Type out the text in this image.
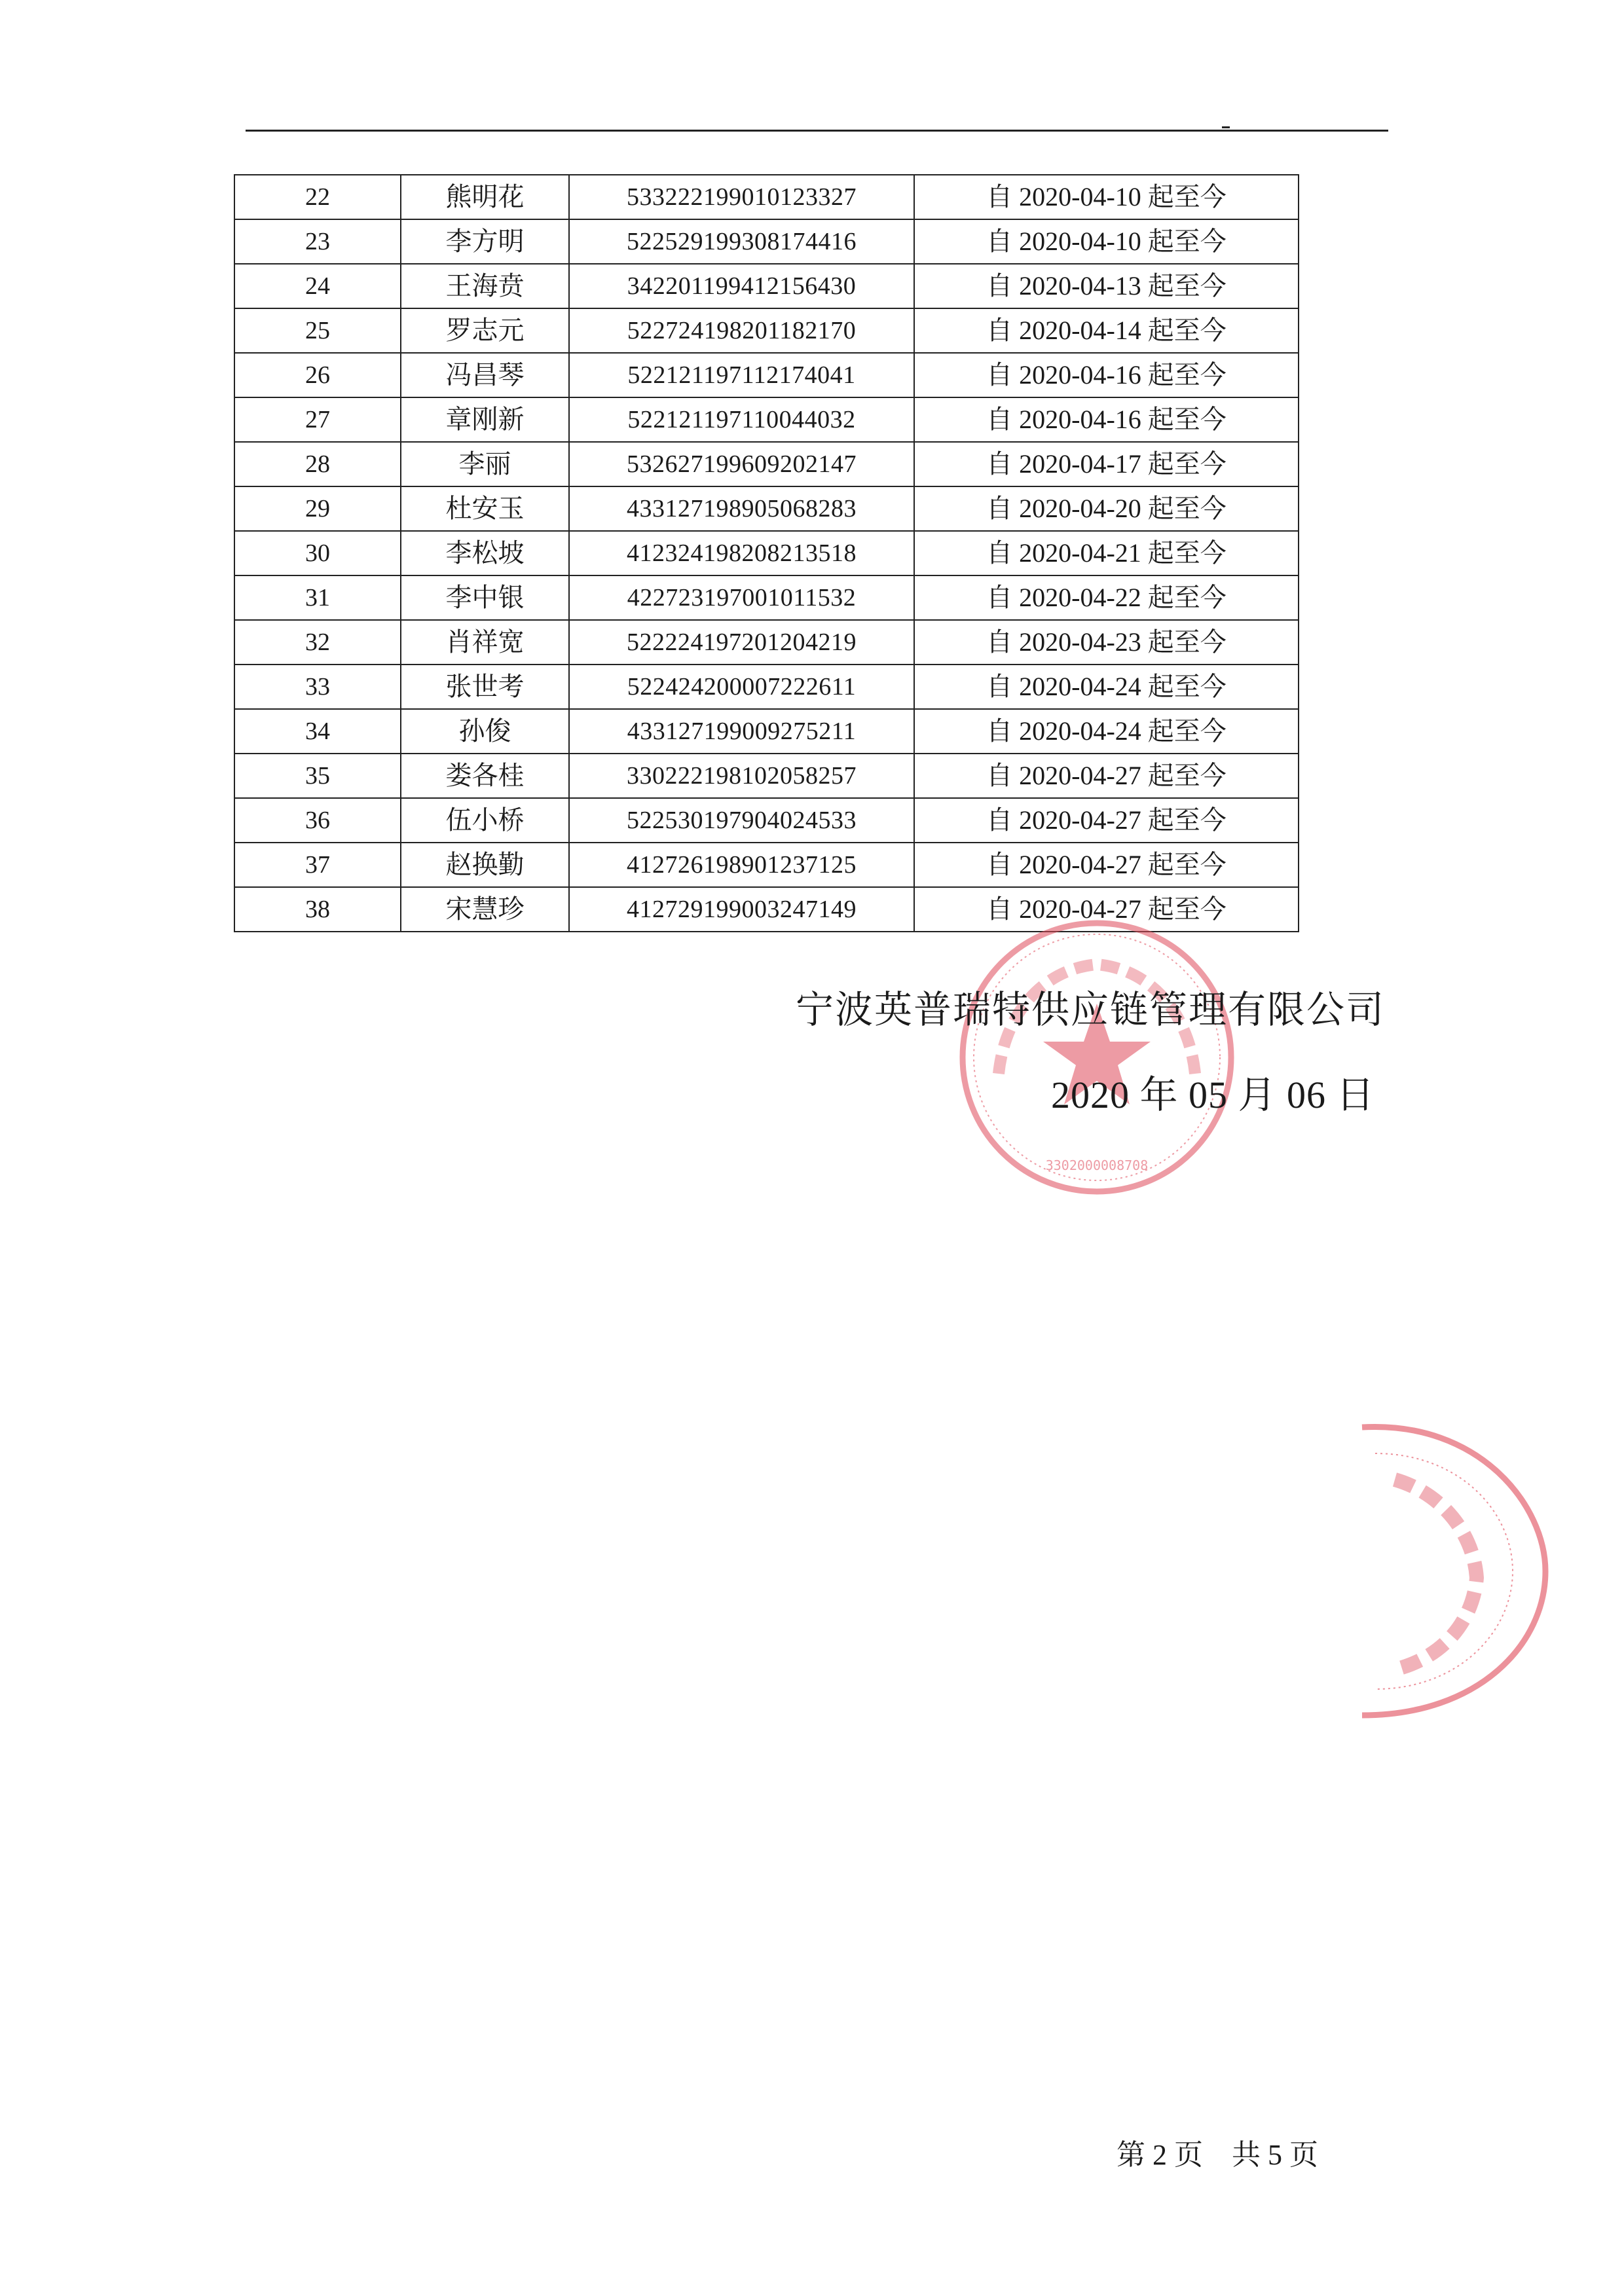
22	熊明花	533222199010123327	自 2020-04-10 起至今
23	李方明	522529199308174416	自 2020-04-10 起至今
24	王海贲	342201199412156430	自 2020-04-13 起至今
25	罗志元	522724198201182170	自 2020-04-14 起至今
26	冯昌琴	522121197112174041	自 2020-04-16 起至今
27	章刚新	522121197110044032	自 2020-04-16 起至今
28	李丽	532627199609202147	自 2020-04-17 起至今
29	杜安玉	433127198905068283	自 2020-04-20 起至今
30	李松坡	412324198208213518	自 2020-04-21 起至今
31	李中银	422723197001011532	自 2020-04-22 起至今
32	肖祥宽	522224197201204219	自 2020-04-23 起至今
33	张世考	522424200007222611	自 2020-04-24 起至今
34	孙俊	433127199009275211	自 2020-04-24 起至今
35	娄各桂	330222198102058257	自 2020-04-27 起至今
36	伍小桥	522530197904024533	自 2020-04-27 起至今
37	赵换勤	412726198901237125	自 2020-04-27 起至今
38	宋慧珍	412729199003247149	自 2020-04-27 起至今
3302000008708
宁波英普瑞特供应链管理有限公司
2020 年 05 月 06 日
第 2 页 共 5 页
